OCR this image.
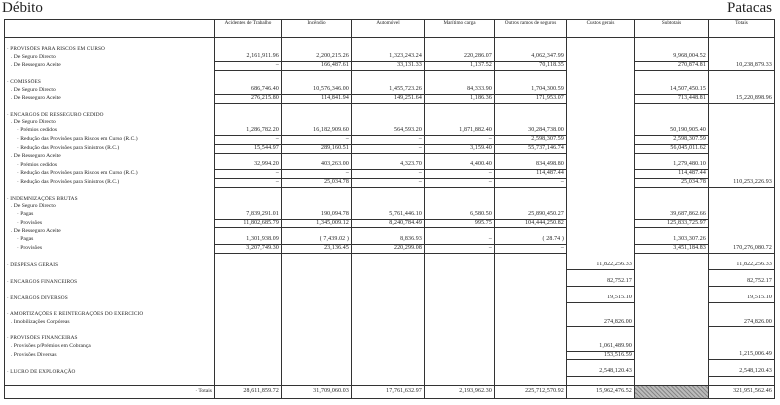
Débito	Patacas
	Acidentes de Trabalho	Incêndio	Automóvel	Marítimo carga	Outros ramos de seguros	Custos gerais	Subtotais	Totais

· PROVISÕES PARA RISCOS EM CURSO								
. De Seguro Directo	2,161,911.96	2,200,215.26	1,323,243.24	220,286.07	4,062,347.99		9,968,004.52	
. De Resseguro Aceite	–	166,487.61	33,131.33	1,137.52	70,118.35		270,874.81	10,238,879.33

· COMISSÕES								
. De Seguro Directo	686,746.40	10,576,346.00	1,455,723.26	84,333.90	1,704,300.59		14,507,450.15	
. De Resseguro Aceite	276,215.80	114,841.94	149,251.64	1,186.36	171,953.07		713,448.81	15,220,898.96

· ENCARGOS DE RESSEGURO CEDIDO								
. De Seguro Directo								
· Prémios cedidos	1,286,782.20	16,182,909.60	564,593.20	1,871,882.40	30,284,738.00		50,190,905.40	
· Redução das Provisões para Riscos em Curso (R.C.)	–	–	–	–	2,598,307.59		2,598,307.59	
· Redução das Provisões para Sinistros (R.C.)	15,544.97	289,160.51	–	3,159.40	55,737,146.74		56,045,011.62	
. De Resseguro Aceite								
· Prémios cedidos	32,994.20	403,263.00	4,323.70	4,400.40	834,498.80		1,279,480.10	
· Redução das Provisões para Riscos em Curso (R.C.)	–	–	–	–	114,487.44		114,487.44	
· Redução das Provisões para Sinistros (R.C.)	–	25,034.78	–	–	–		25,034.78	110,253,226.93

· INDEMNIZAÇÕES BRUTAS								
. De Seguro Directo								
· Pagas	7,839,291.01	190,094.78	5,761,446.10	6,580.50	25,890,450.27		39,687,862.66	
· Provisões	11,802,685.79	1,345,009.12	8,240,784.49	995.75	104,444,250.82		125,833,725.97	
. De Resseguro Aceite								
· Pagas	1,301,938.09	( 7,439.02 )	8,836.93	–	( 28.74 )		1,303,307.26	
· Provisões	3,207,749.30	23,136.45	220,299.08	–	–		3,451,184.83	170,276,080.72

· DESPESAS GERAIS						11,822,256.33		11,822,256.33

· ENCARGOS FINANCEIROS						82,752.17		82,752.17

· ENCARGOS DIVERSOS						19,515.10		19,515.10

· AMORTIZAÇÕES E REINTEGRAÇÕES DO EXERCÍCIO								
. Imobilizações Corpóreas						274,826.00		274,826.00

· PROVISÕES FINANCEIRAS								
. Provisões p/Prémios em Cobrança						1,061,489.90		
. Provisões Diversas						153,516.59		1,215,006.49

· LUCRO DE EXPLORAÇÃO						2,548,120.43		2,548,120.43

· Totais	28,611,859.72	31,709,060.03	17,761,632.97	2,193,962.30	225,712,570.92	15,962,476.52		321,951,562.46
